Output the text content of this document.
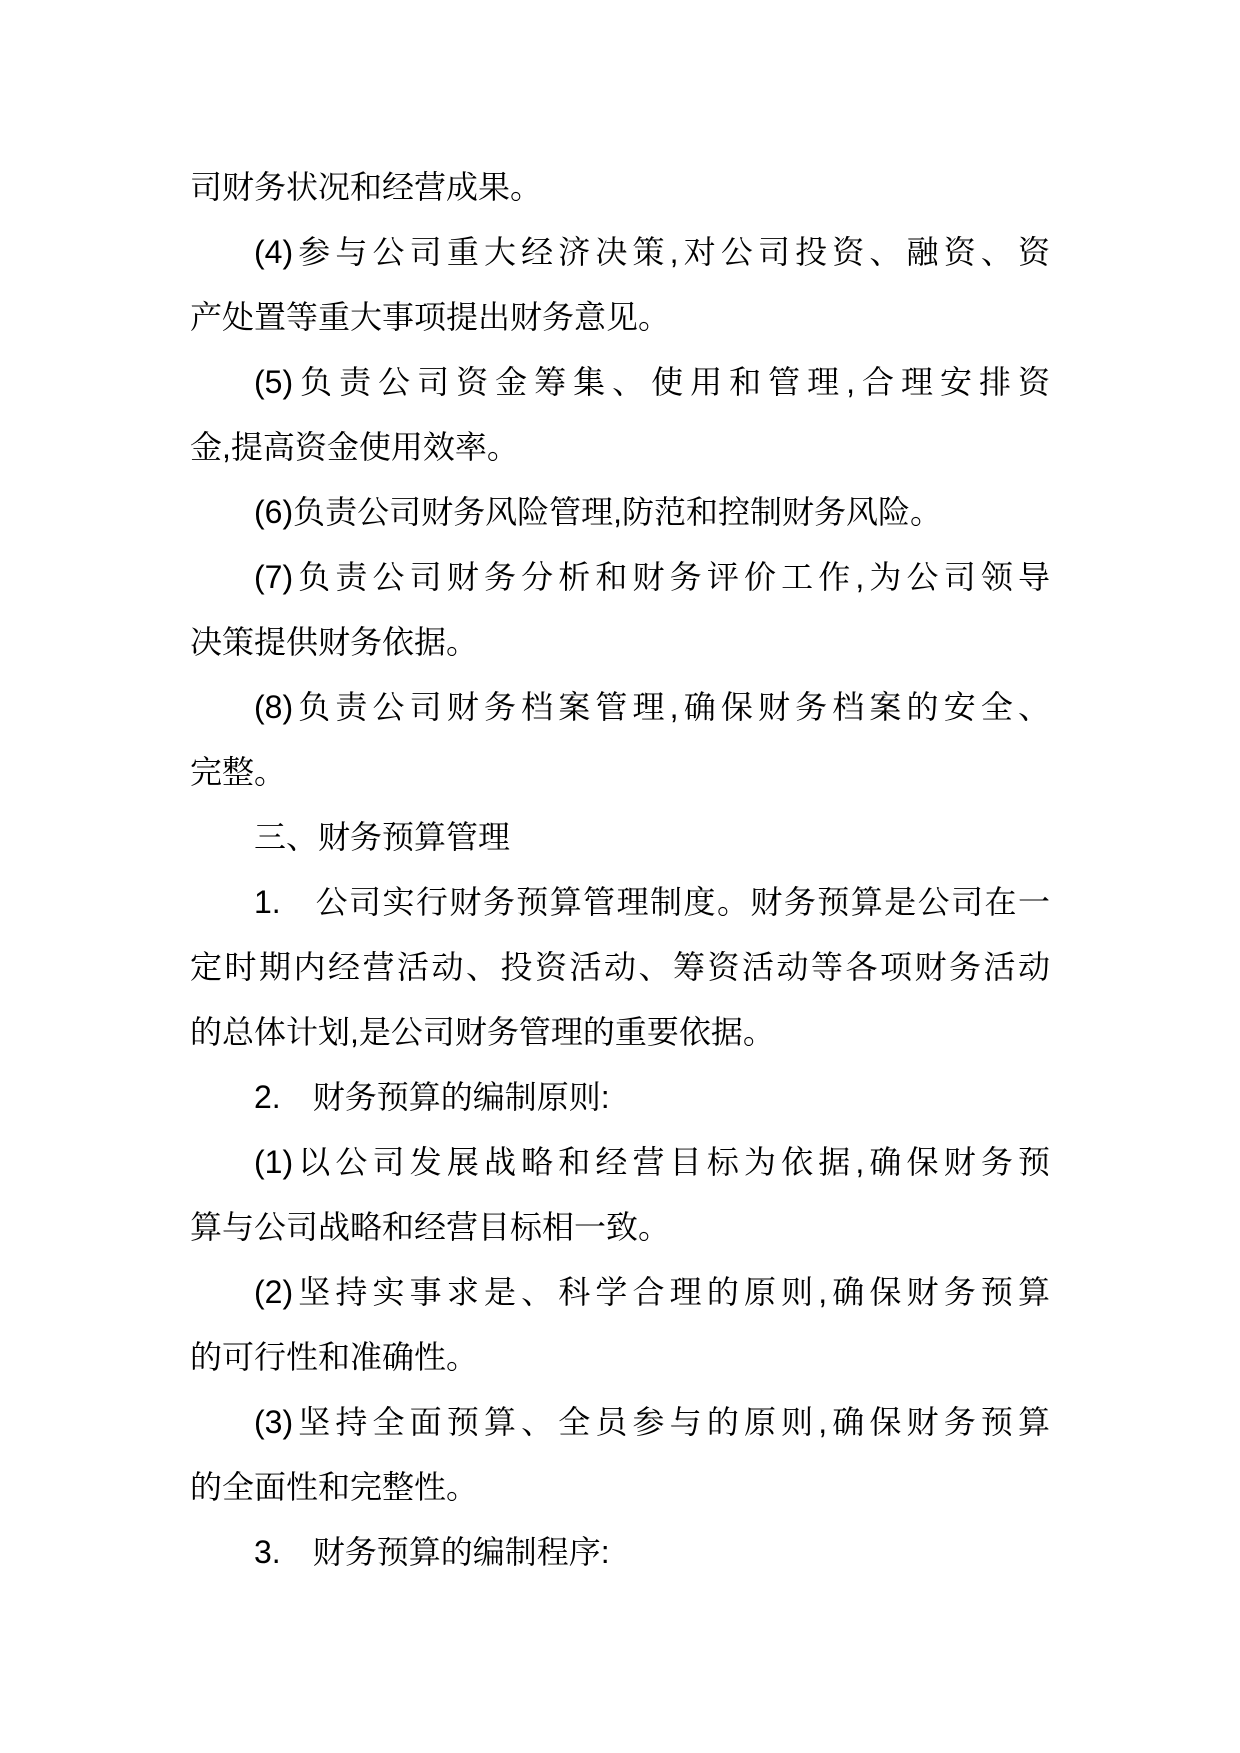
司财务状况和经营成果。
(4)参与公司重大经济决策,对公司投资、融资、资
产处置等重大事项提出财务意见。
(5)负责公司资金筹集、使用和管理,合理安排资
金,提高资金使用效率。
(6)负责公司财务风险管理,防范和控制财务风险。
(7)负责公司财务分析和财务评价工作,为公司领导
决策提供财务依据。
(8)负责公司财务档案管理,确保财务档案的安全、
完整。
三、财务预算管理
1.　公司实行财务预算管理制度。财务预算是公司在一
定时期内经营活动、投资活动、筹资活动等各项财务活动
的总体计划,是公司财务管理的重要依据。
2.　财务预算的编制原则:
(1)以公司发展战略和经营目标为依据,确保财务预
算与公司战略和经营目标相一致。
(2)坚持实事求是、科学合理的原则,确保财务预算
的可行性和准确性。
(3)坚持全面预算、全员参与的原则,确保财务预算
的全面性和完整性。
3.　财务预算的编制程序:
